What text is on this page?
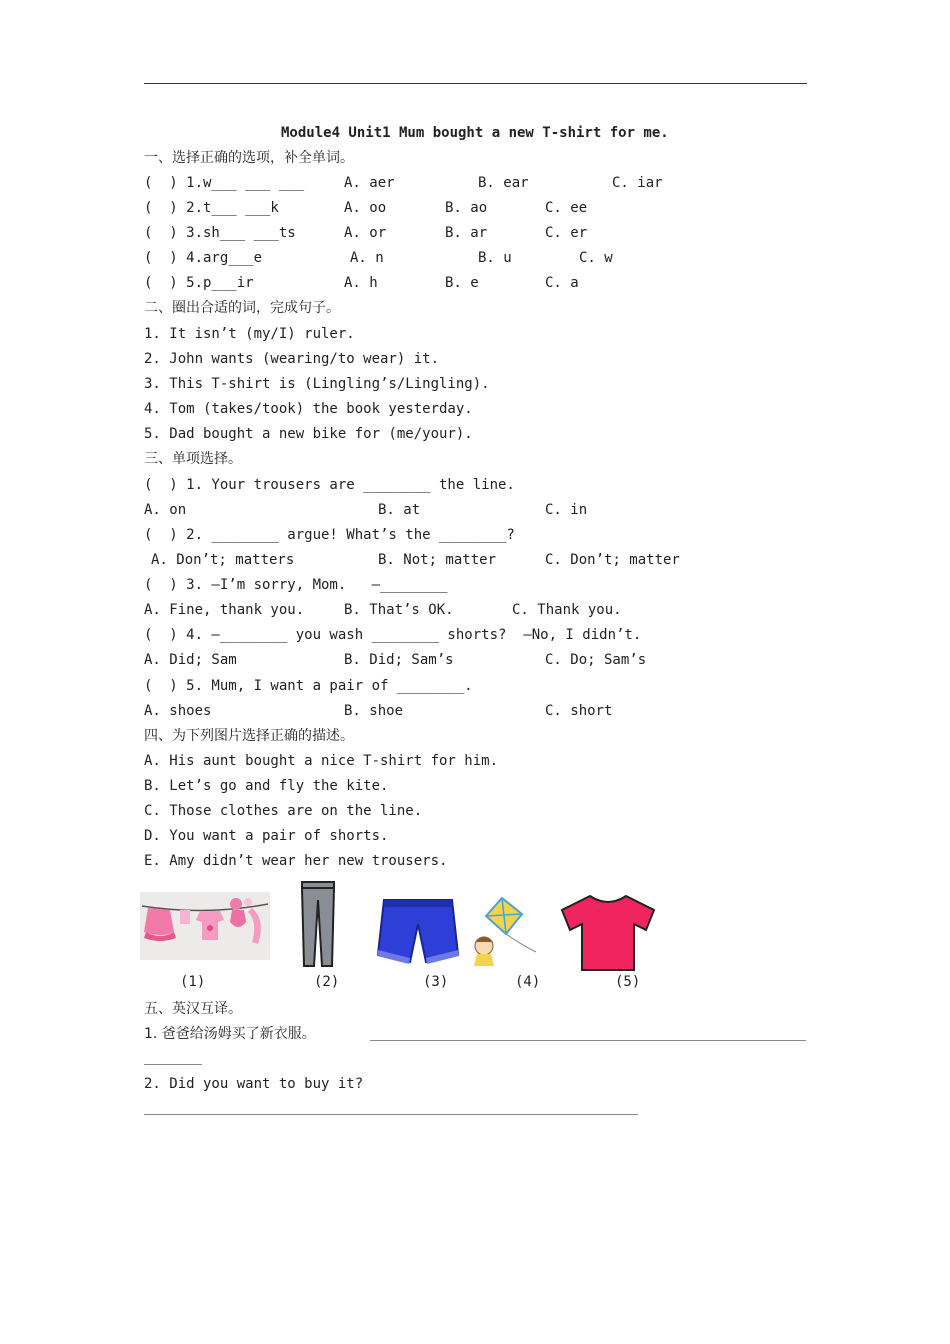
Module4 Unit1 Mum bought a new T-shirt for me.
一、选择正确的选项，补全单词。
(  ) 1.w___ ___ ___	A. aer	B. ear	C. iar
(  ) 2.t___ ___k	A. oo	B. ao	C. ee
(  ) 3.sh___ ___ts	A. or	B. ar	C. er
(  ) 4.arg___e	A. n	B. u	C. w
(  ) 5.p___ir	A. h	B. e	C. a
二、圈出合适的词，完成句子。
1. It isn’t (my/I) ruler.
2. John wants (wearing/to wear) it.
3. This T-shirt is (Lingling’s/Lingling).
4. Tom (takes/took) the book yesterday.
5. Dad bought a new bike for (me/your).
三、单项选择。
(  ) 1. Your trousers are ________ the line.
A. on	B. at	C. in
(  ) 2. ________ argue! What’s the ________?
A. Don’t; matters	B. Not; matter	C. Don’t; matter
(  ) 3. —I’m sorry, Mom.   —________
A. Fine, thank you.	B. That’s OK.	C. Thank you.
(  ) 4. —________ you wash ________ shorts?  —No, I didn’t.
A. Did; Sam	B. Did; Sam’s	C. Do; Sam’s
(  ) 5. Mum, I want a pair of ________.
A. shoes	B. shoe	C. short
四、为下列图片选择正确的描述。
A. His aunt bought a nice T-shirt for him.
B. Let’s go and fly the kite.
C. Those clothes are on the line.
D. You want a pair of shorts.
E. Amy didn’t wear her new trousers.
(1)	(2)	(3)	(4)	(5)
五、英汉互译。
1. 爸爸给汤姆买了新衣服。
2. Did you want to buy it?
